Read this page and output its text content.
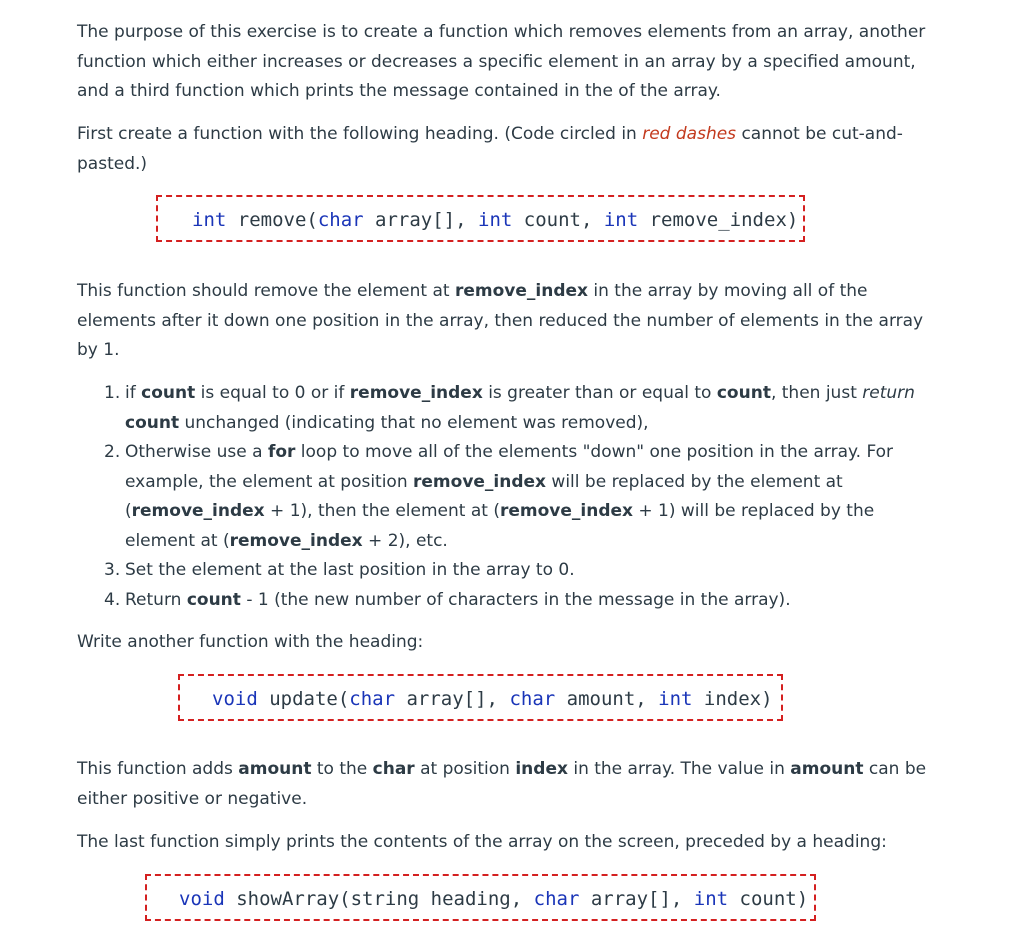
The purpose of this exercise is to create a function which removes elements from an array, another function which either increases or decreases a specific element in an array by a specified amount, and a third function which prints the message contained in the of the array.

First create a function with the following heading. (Code circled in red dashes cannot be cut-and-pasted.)

int remove(char array[], int count, int remove_index)

This function should remove the element at remove_index in the array by moving all of the elements after it down one position in the array, then reduced the number of elements in the array by 1.

1. if count is equal to 0 or if remove_index is greater than or equal to count, then just return count unchanged (indicating that no element was removed),
2. Otherwise use a for loop to move all of the elements "down" one position in the array. For example, the element at position remove_index will be replaced by the element at (remove_index + 1), then the element at (remove_index + 1) will be replaced by the element at (remove_index + 2), etc.
3. Set the element at the last position in the array to 0.
4. Return count - 1 (the new number of characters in the message in the array).

Write another function with the heading:

void update(char array[], char amount, int index)

This function adds amount to the char at position index in the array. The value in amount can be either positive or negative.

The last function simply prints the contents of the array on the screen, preceded by a heading:

void showArray(string heading, char array[], int count)
